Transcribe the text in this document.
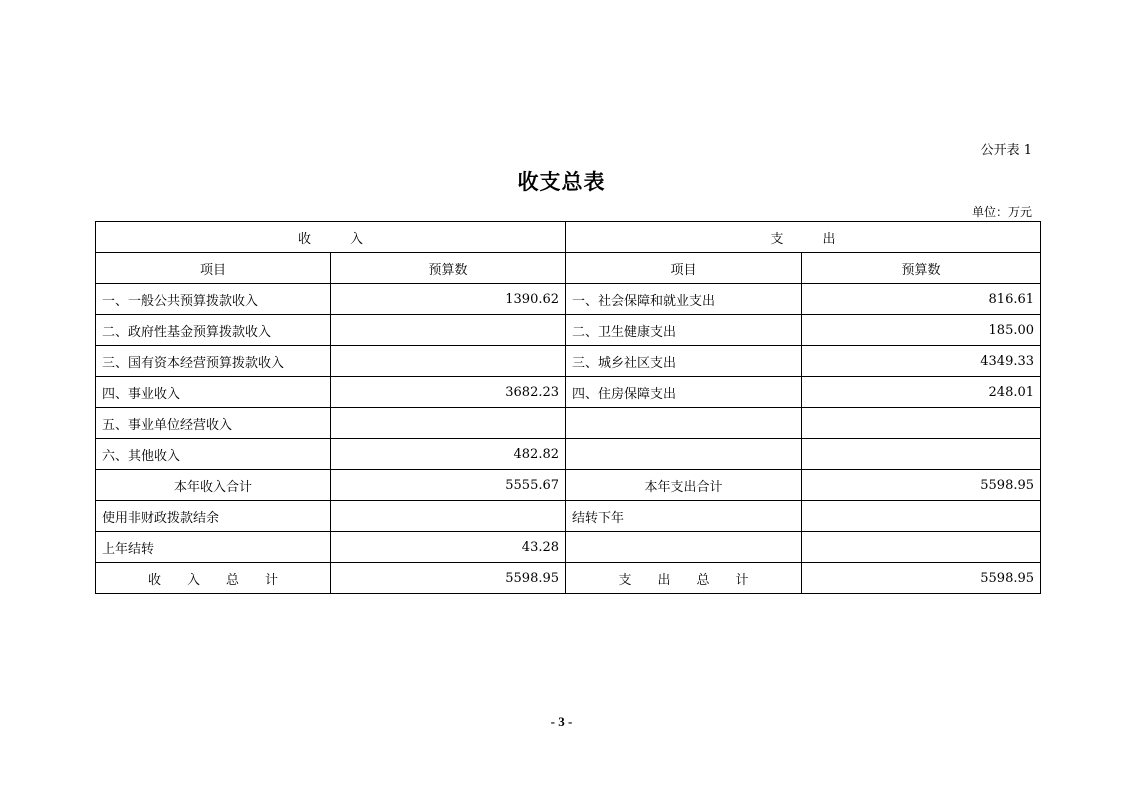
公开表 1
收支总表
单位：万元
收　　　入		支　　　出	
项目	预算数	项目	预算数
一、一般公共预算拨款收入	1390.62	一、社会保障和就业支出	816.61
二、政府性基金预算拨款收入		二、卫生健康支出	185.00
三、国有资本经营预算拨款收入		三、城乡社区支出	4349.33
四、事业收入	3682.23	四、住房保障支出	248.01
五、事业单位经营收入			
六、其他收入	482.82		
本年收入合计	5555.67	本年支出合计	5598.95
使用非财政拨款结余		结转下年	
上年结转	43.28		
收　　入　　总　　计	5598.95	支　　出　　总　　计	5598.95
- 3 -
